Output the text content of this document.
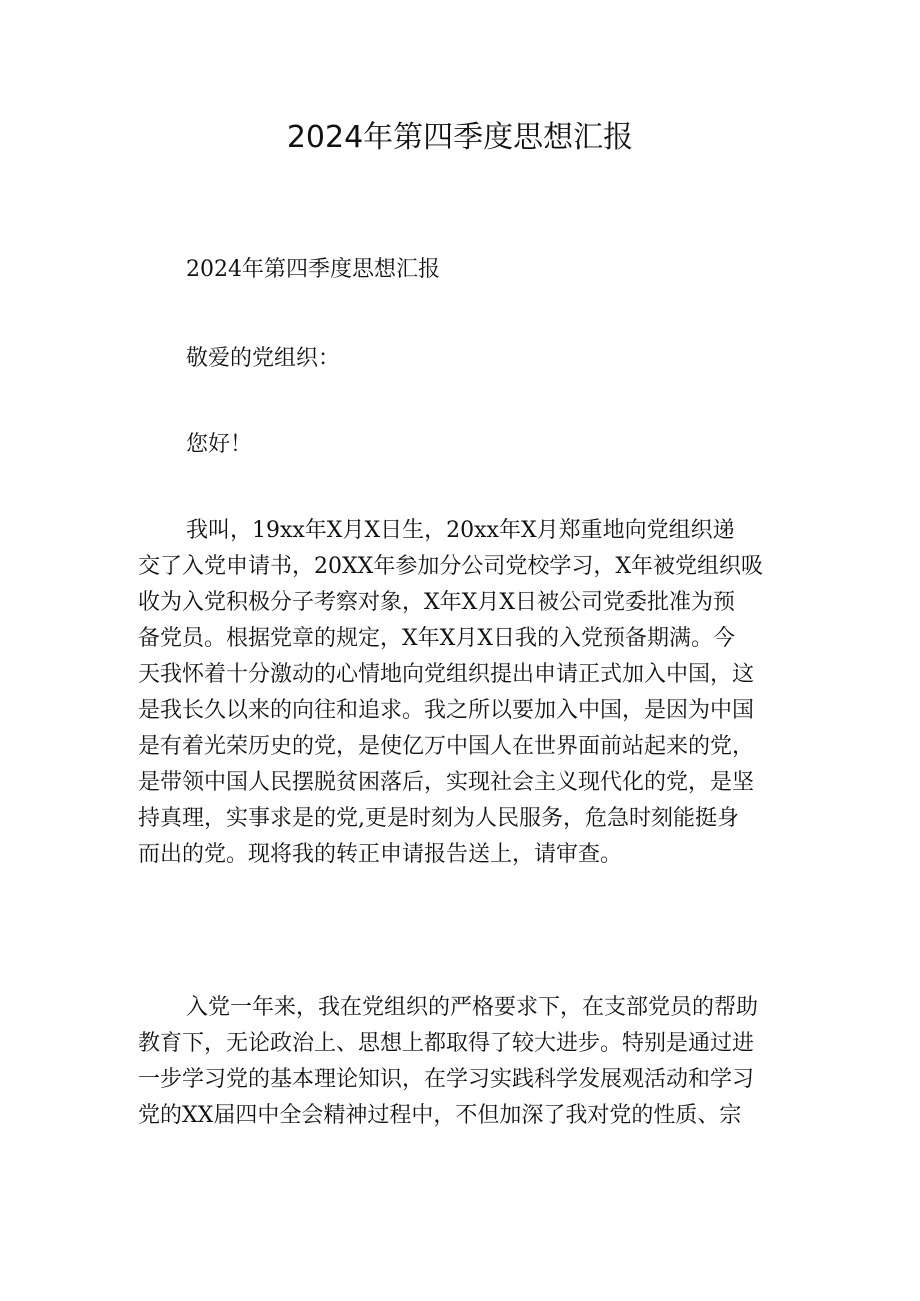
2024年第四季度思想汇报

2024年第四季度思想汇报

敬爱的党组织：

您好！

我叫，19xx年X月X日生，20xx年X月郑重地向党组织递
交了入党申请书，20XX年参加分公司党校学习，X年被党组织吸
收为入党积极分子考察对象，X年X月X日被公司党委批准为预
备党员。根据党章的规定，X年X月X日我的入党预备期满。今
天我怀着十分激动的心情地向党组织提出申请正式加入中国，这
是我长久以来的向往和追求。我之所以要加入中国，是因为中国
是有着光荣历史的党，是使亿万中国人在世界面前站起来的党，
是带领中国人民摆脱贫困落后，实现社会主义现代化的党，是坚
持真理，实事求是的党,更是时刻为人民服务，危急时刻能挺身
而出的党。现将我的转正申请报告送上，请审查。
入党一年来，我在党组织的严格要求下，在支部党员的帮助
教育下，无论政治上、思想上都取得了较大进步。特别是通过进
一步学习党的基本理论知识，在学习实践科学发展观活动和学习
党的XX届四中全会精神过程中，不但加深了我对党的性质、宗
